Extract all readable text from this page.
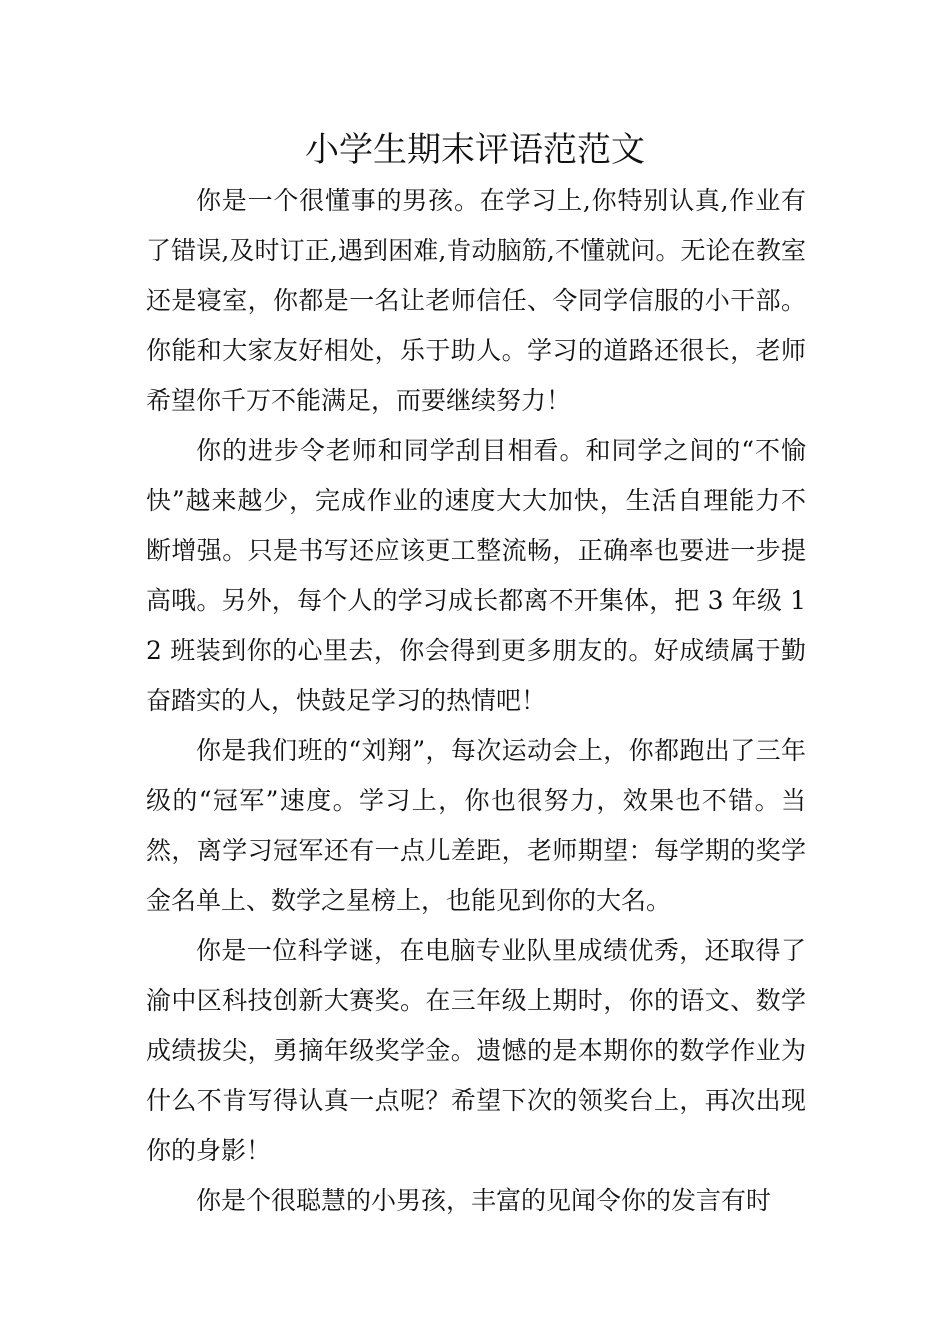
小学生期末评语范范文

你是一个很懂事的男孩。在学习上,你特别认真,作业有了错误,及时订正,遇到困难,肯动脑筋,不懂就问。无论在教室还是寝室，你都是一名让老师信任、令同学信服的小干部。你能和大家友好相处，乐于助人。学习的道路还很长，老师希望你千万不能满足，而要继续努力！

你的进步令老师和同学刮目相看。和同学之间的“不愉快”越来越少，完成作业的速度大大加快，生活自理能力不断增强。只是书写还应该更工整流畅，正确率也要进一步提高哦。另外，每个人的学习成长都离不开集体，把 3 年级 12 班装到你的心里去，你会得到更多朋友的。好成绩属于勤奋踏实的人，快鼓足学习的热情吧！

你是我们班的“刘翔”，每次运动会上，你都跑出了三年级的“冠军”速度。学习上，你也很努力，效果也不错。当然，离学习冠军还有一点儿差距，老师期望：每学期的奖学金名单上、数学之星榜上，也能见到你的大名。

你是一位科学谜，在电脑专业队里成绩优秀，还取得了渝中区科技创新大赛奖。在三年级上期时，你的语文、数学成绩拔尖，勇摘年级奖学金。遗憾的是本期你的数学作业为什么不肯写得认真一点呢？希望下次的领奖台上，再次出现你的身影！

你是个很聪慧的小男孩，丰富的见闻令你的发言有时
